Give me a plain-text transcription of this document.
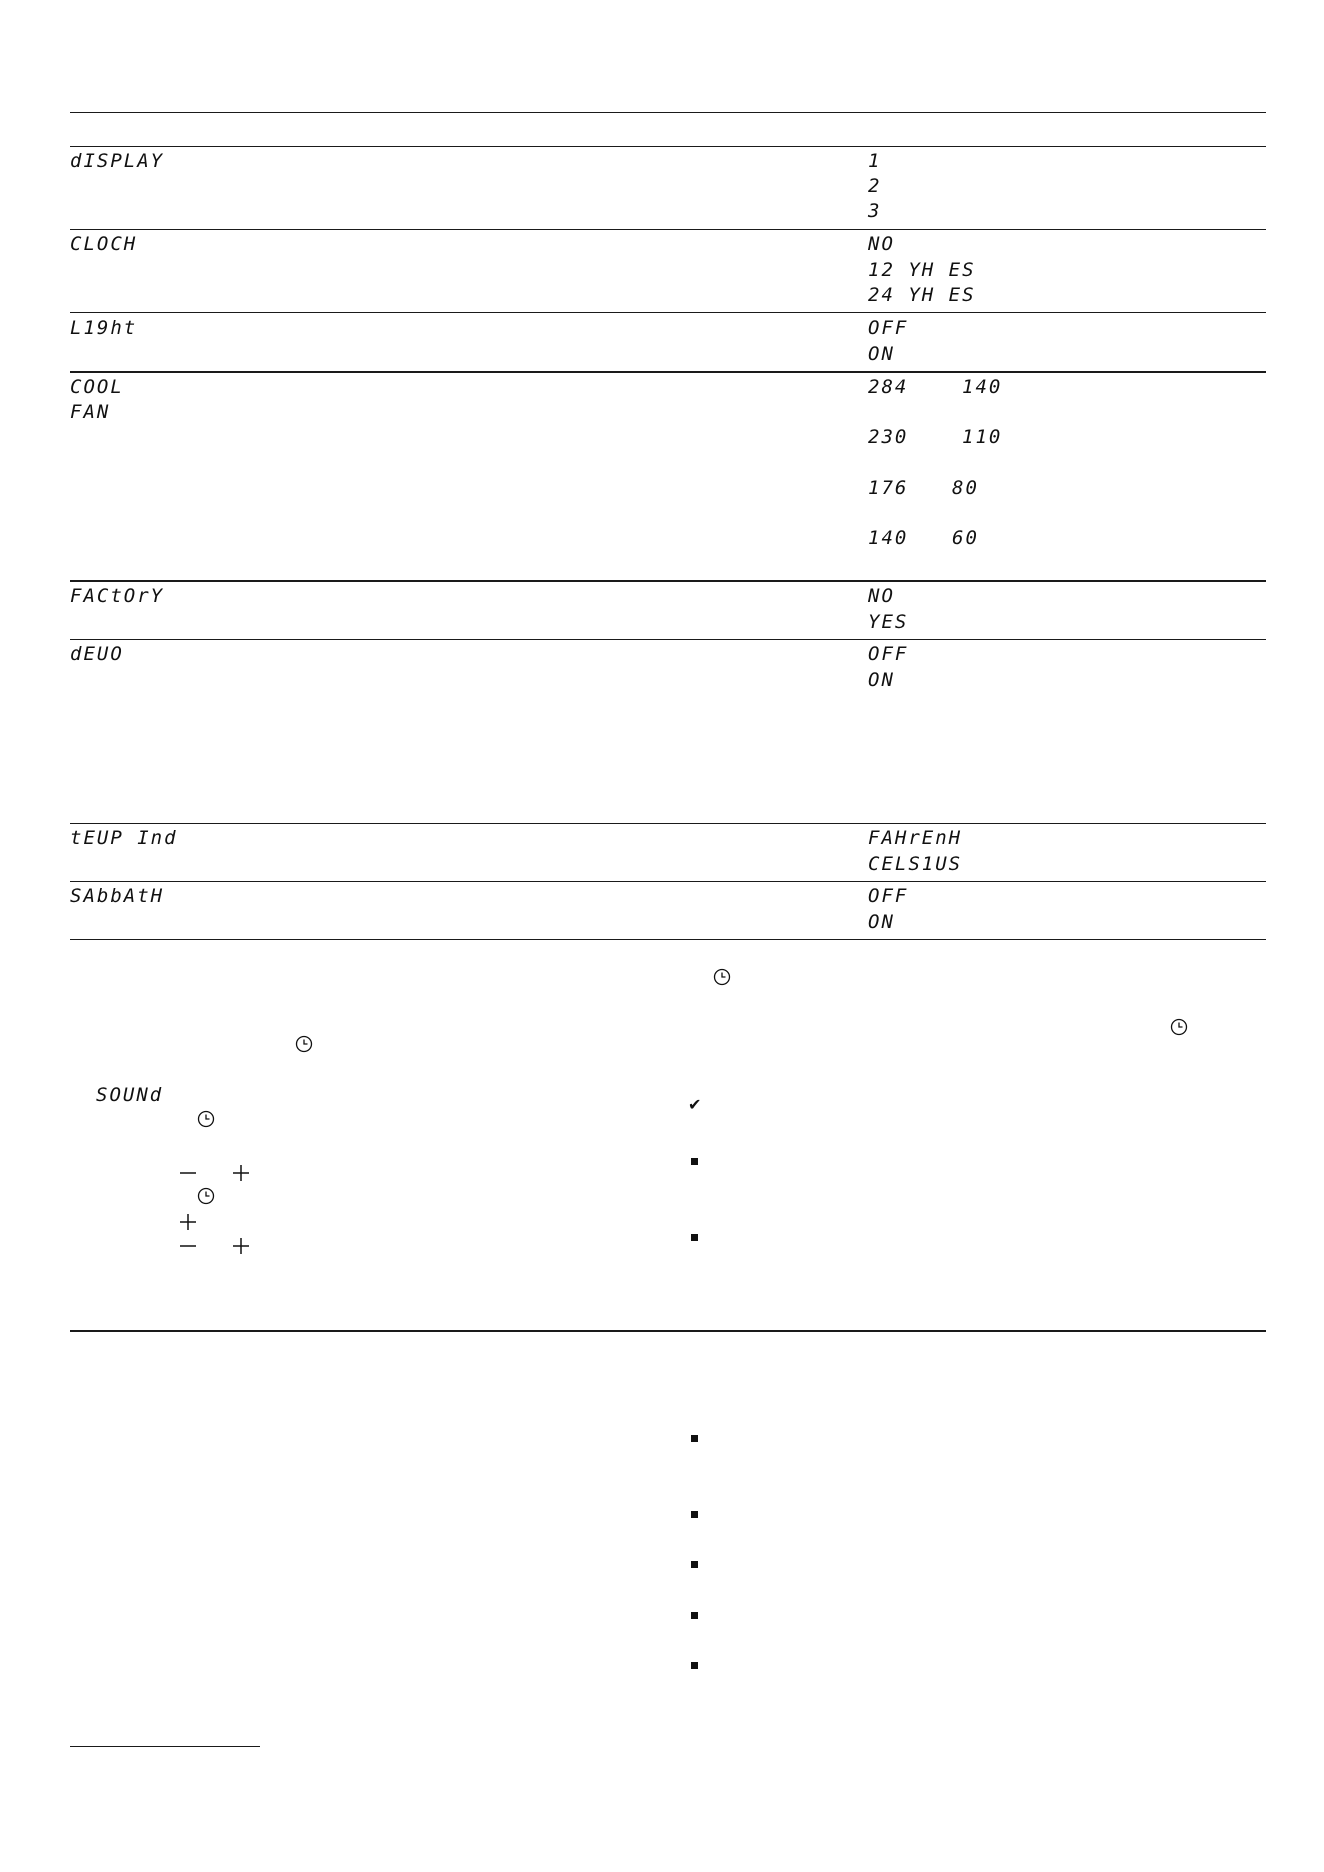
dISPLAY	1
2
3
CLOCH	NO
12 YH ES
24 YH ES
L19ht	OFF
ON
COOL
FAN
284	140
230	110
176 80
140 60
FACtOrY	NO
YES
dEUO	OFF
ON
tEUP Ind	FAHrEnH
CELS1US
SAbbAtH	OFF
ON
SOUNd	✔
